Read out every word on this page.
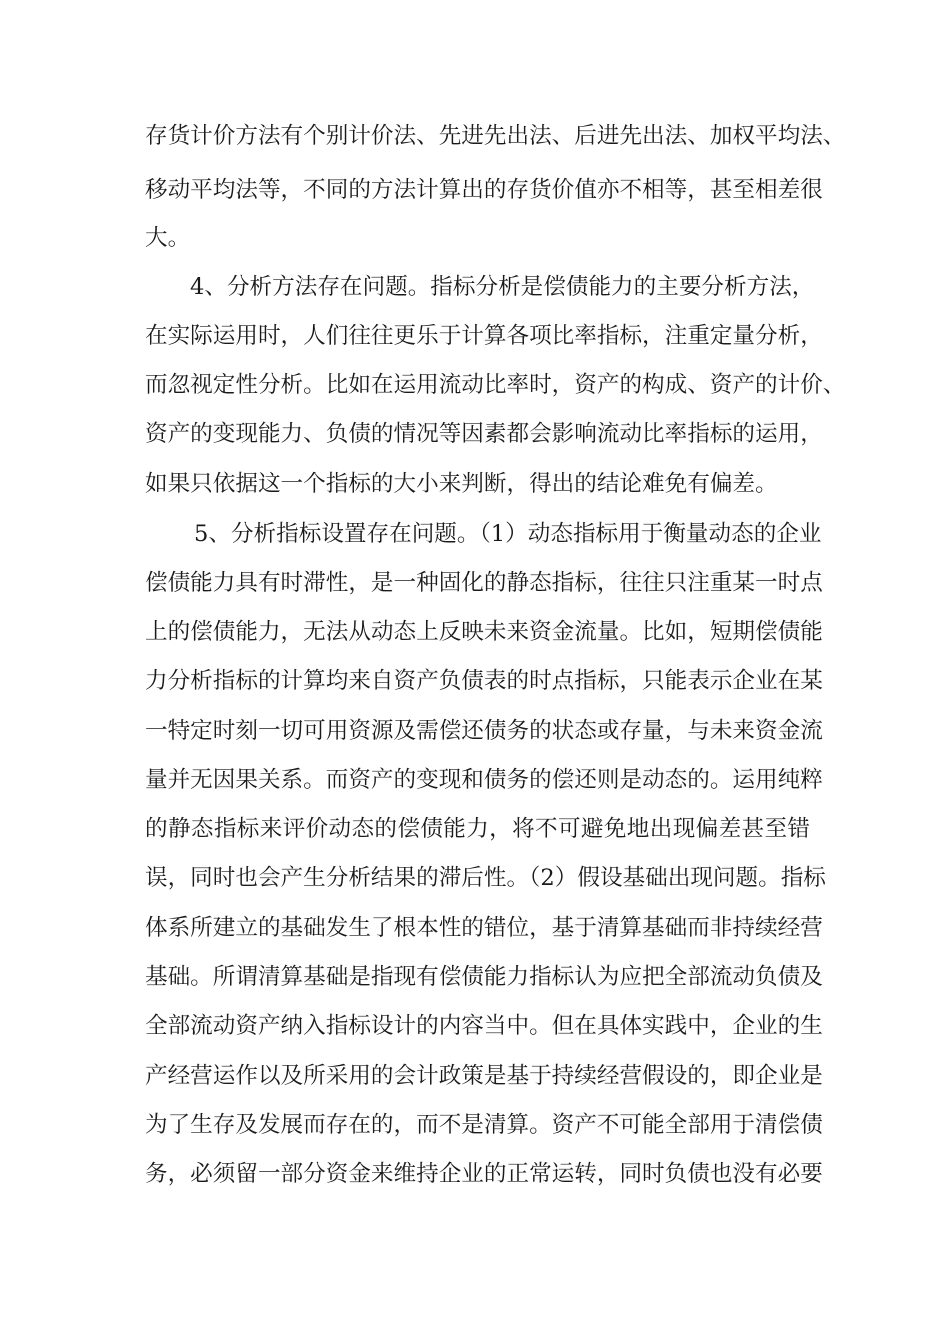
存货计价方法有个别计价法、先进先出法、后进先出法、加权平均法、
移动平均法等，不同的方法计算出的存货价值亦不相等，甚至相差很
大。
4、分析方法存在问题。指标分析是偿债能力的主要分析方法，
在实际运用时，人们往往更乐于计算各项比率指标，注重定量分析，
而忽视定性分析。比如在运用流动比率时，资产的构成、资产的计价、
资产的变现能力、负债的情况等因素都会影响流动比率指标的运用，
如果只依据这一个指标的大小来判断，得出的结论难免有偏差。
5、分析指标设置存在问题。（1）动态指标用于衡量动态的企业
偿债能力具有时滞性，是一种固化的静态指标，往往只注重某一时点
上的偿债能力，无法从动态上反映未来资金流量。比如，短期偿债能
力分析指标的计算均来自资产负债表的时点指标，只能表示企业在某
一特定时刻一切可用资源及需偿还债务的状态或存量，与未来资金流
量并无因果关系。而资产的变现和债务的偿还则是动态的。运用纯粹
的静态指标来评价动态的偿债能力，将不可避免地出现偏差甚至错
误，同时也会产生分析结果的滞后性。（2）假设基础出现问题。指标
体系所建立的基础发生了根本性的错位，基于清算基础而非持续经营
基础。所谓清算基础是指现有偿债能力指标认为应把全部流动负债及
全部流动资产纳入指标设计的内容当中。但在具体实践中，企业的生
产经营运作以及所采用的会计政策是基于持续经营假设的，即企业是
为了生存及发展而存在的，而不是清算。资产不可能全部用于清偿债
务，必须留一部分资金来维持企业的正常运转，同时负债也没有必要
